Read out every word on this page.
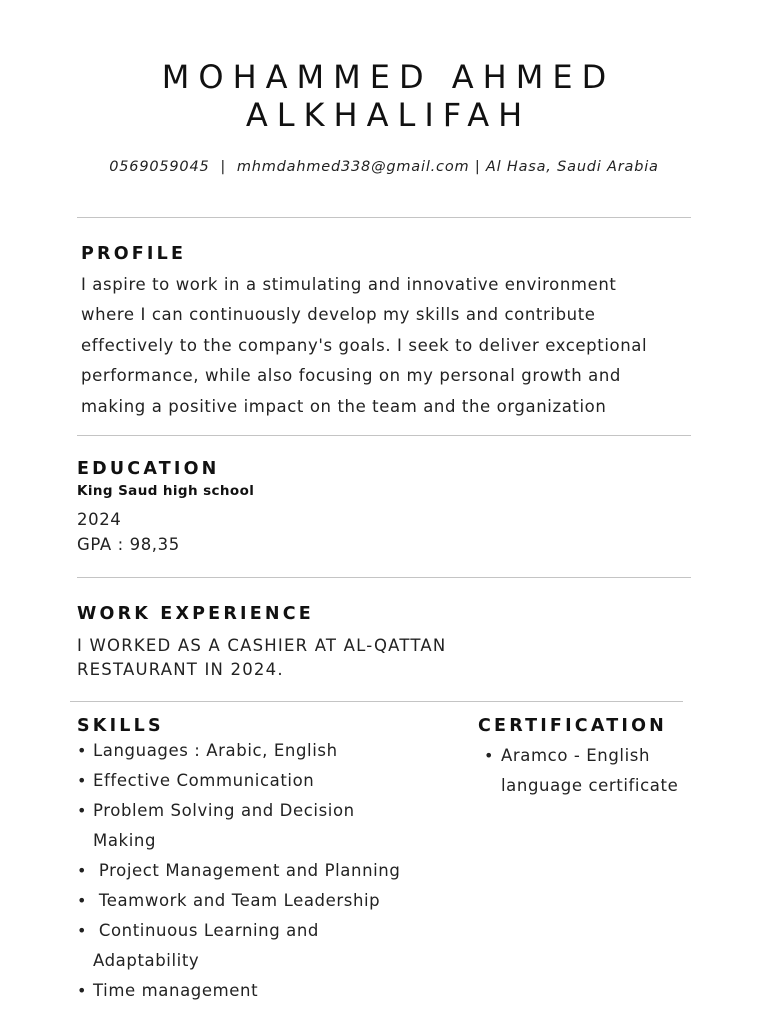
MOHAMMED AHMED
ALKHALIFAH
0569059045  |  mhmdahmed338@gmail.com | Al Hasa, Saudi Arabia
PROFILE
I aspire to work in a stimulating and innovative environment
where I can continuously develop my skills and contribute
effectively to the company's goals. I seek to deliver exceptional
performance, while also focusing on my personal growth and
making a positive impact on the team and the organization
EDUCATION
King Saud high school
2024
GPA : 98,35
WORK EXPERIENCE
I WORKED AS A CASHIER AT AL-QATTAN
RESTAURANT IN 2024.
SKILLS
• Languages : Arabic, English
• Effective Communication
• Problem Solving and Decision
Making
• Project Management and Planning
• Teamwork and Team Leadership
• Continuous Learning and
Adaptability
• Time management
CERTIFICATION
• Aramco - English
language certificate
